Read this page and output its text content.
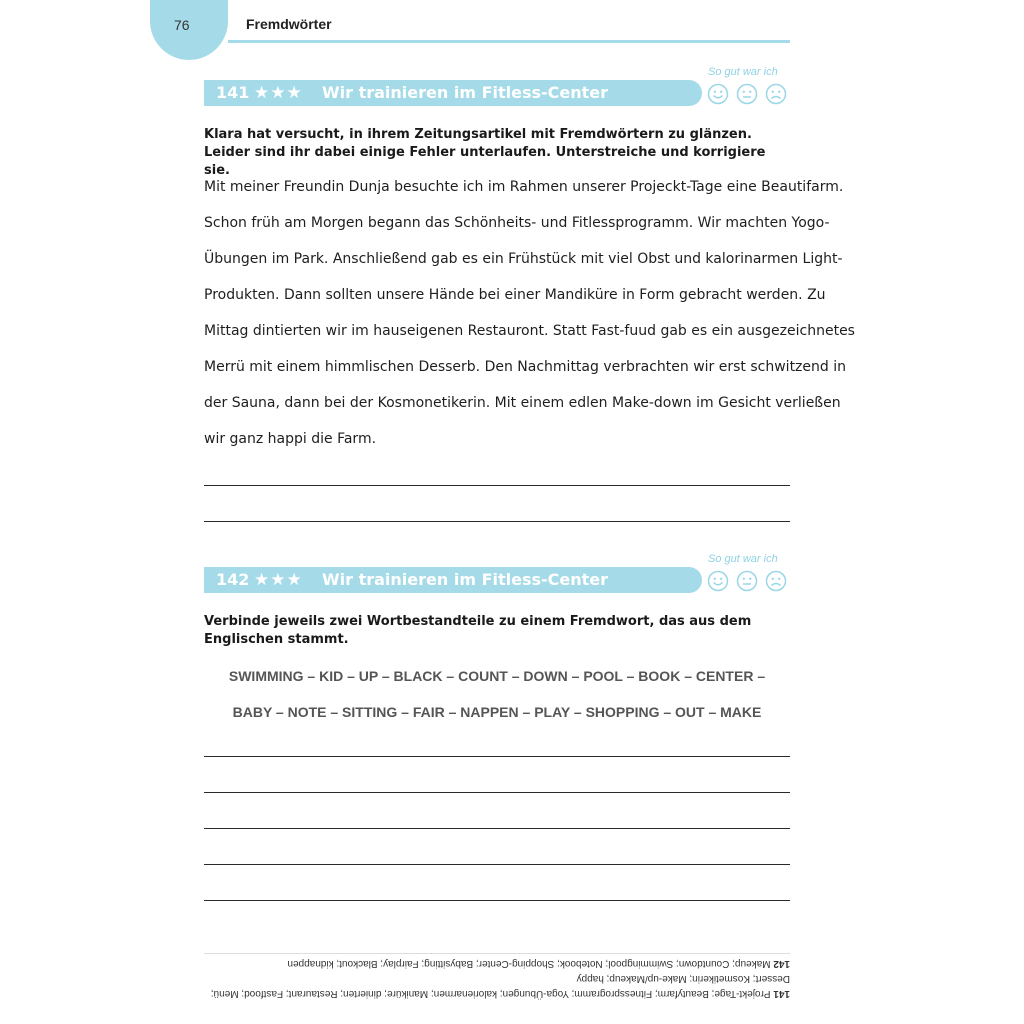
76	Fremdwörter
So gut war ich
141 ★★★ Wir trainieren im Fitless-Center
Klara hat versucht, in ihrem Zeitungsartikel mit Fremdwörtern zu glänzen. Leider sind ihr dabei einige Fehler unterlaufen. Unterstreiche und korrigiere sie.
Mit meiner Freundin Dunja besuchte ich im Rahmen unserer Projeckt-Tage eine Beautifarm.
Schon früh am Morgen begann das Schönheits- und Fitlessprogramm. Wir machten Yogo-
Übungen im Park. Anschließend gab es ein Frühstück mit viel Obst und kalorinarmen Light-
Produkten. Dann sollten unsere Hände bei einer Mandiküre in Form gebracht werden. Zu
Mittag dintierten wir im hauseigenen Restauront. Statt Fast-fuud gab es ein ausgezeichnetes
Merrü mit einem himmlischen Desserb. Den Nachmittag verbrachten wir erst schwitzend in
der Sauna, dann bei der Kosmonetikerin. Mit einem edlen Make-down im Gesicht verließen
wir ganz happi die Farm.
So gut war ich
142 ★★★ Wir trainieren im Fitless-Center
Verbinde jeweils zwei Wortbestandteile zu einem Fremdwort, das aus dem Englischen stammt.
SWIMMING – KID – UP – BLACK – COUNT – DOWN – POOL – BOOK – CENTER –
BABY – NOTE – SITTING – FAIR – NAPPEN – PLAY – SHOPPING – OUT – MAKE

141 Projekt-Tage; Beautyfarm; Fitnessprogramm; Yoga-Übungen; kalorienarmen; Maniküre; dinierten; Restaurant; Fastfood; Menü; Dessert; Kosmetikerin; Make-up/Makeup; happy

142 Makeup; Countdown; Swimmingpool; Notebook; Shopping-Center; Babysitting; Fairplay; Blackout; kidnappen
